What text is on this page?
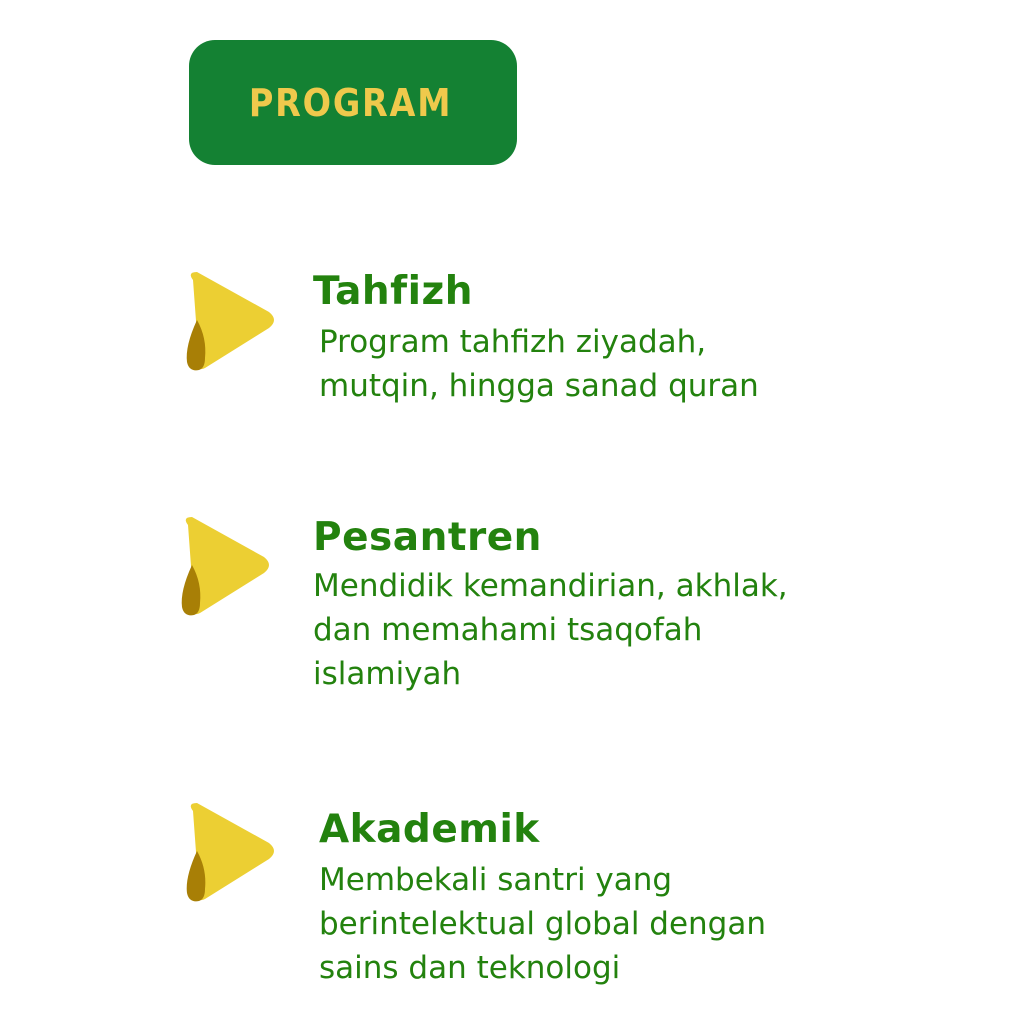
PROGRAM
Tahfizh
Program tahfizh ziyadah,
mutqin, hingga sanad quran
Pesantren
Mendidik kemandirian, akhlak,
dan memahami tsaqofah
islamiyah
Akademik
Membekali santri yang
berintelektual global dengan
sains dan teknologi
